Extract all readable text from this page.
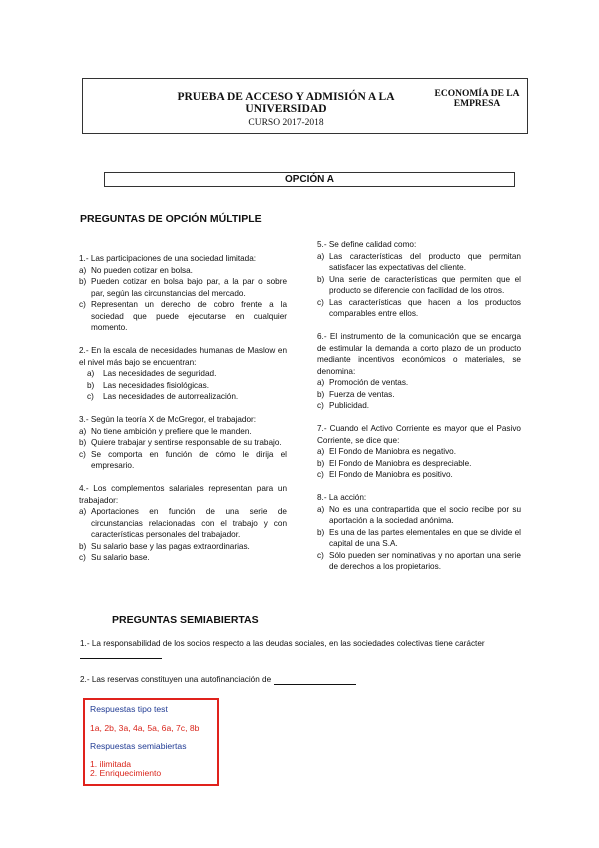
PRUEBA DE ACCESO Y ADMISIÓN A LA
UNIVERSIDAD
CURSO 2017-2018
ECONOMÍA DE LA
EMPRESA
OPCIÓN A
PREGUNTAS DE OPCIÓN MÚLTIPLE
1.- Las participaciones de una sociedad limitada:
a) No pueden cotizar en bolsa.
b) Pueden cotizar en bolsa bajo par, a la par o sobre par, según las circunstancias del mercado.
c) Representan un derecho de cobro frente a la sociedad que puede ejecutarse en cualquier momento.
2.- En la escala de necesidades humanas de Maslow en el nivel más bajo se encuentran:
a)	Las necesidades de seguridad.
b)	Las necesidades fisiológicas.
c)	Las necesidades de autorrealización.
3.- Según la teoría X de McGregor, el trabajador:
a) No tiene ambición y prefiere que le manden.
b) Quiere trabajar y sentirse responsable de su trabajo.
c) Se comporta en función de cómo le dirija el empresario.
4.- Los complementos salariales representan para un trabajador:
a) Aportaciones en función de una serie de circunstancias relacionadas con el trabajo y con características personales del trabajador.
b) Su salario base y las pagas extraordinarias.
c) Su salario base.
5.- Se define calidad como:
a) Las características del producto que permitan satisfacer las expectativas del cliente.
b) Una serie de características que permiten que el producto se diferencie con facilidad de los otros.
c) Las características que hacen a los productos comparables entre ellos.
6.- El instrumento de la comunicación que se encarga de estimular la demanda a corto plazo de un producto mediante incentivos económicos o materiales, se denomina:
a) Promoción de ventas.
b) Fuerza de ventas.
c) Publicidad.
7.- Cuando el Activo Corriente es mayor que el Pasivo Corriente, se dice que:
a) El Fondo de Maniobra es negativo.
b) El Fondo de Maniobra es despreciable.
c) El Fondo de Maniobra es positivo.
8.- La acción:
a) No es una contrapartida que el socio recibe por su aportación a la sociedad anónima.
b) Es una de las partes elementales en que se divide el capital de una S.A.
c) Sólo pueden ser nominativas y no aportan una serie de derechos a los propietarios.
PREGUNTAS SEMIABIERTAS
1.- La responsabilidad de los socios respecto a las deudas sociales, en las sociedades colectivas tiene carácter
2.- Las reservas constituyen una autofinanciación de
Respuestas tipo test
1a, 2b, 3a, 4a, 5a, 6a, 7c, 8b
Respuestas semiabiertas
1. ilimitada
2. Enriquecimiento
